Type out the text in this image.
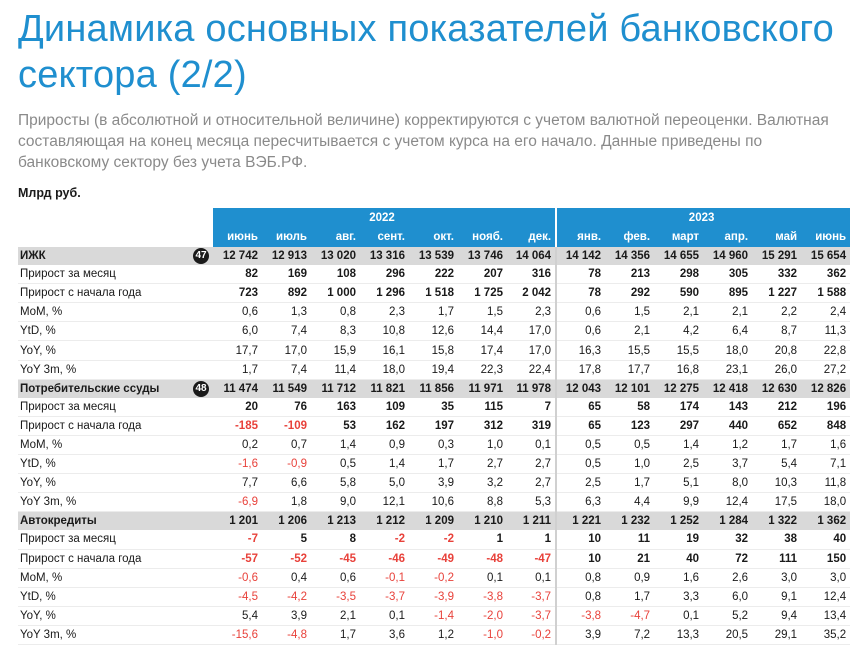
Динамика основных показателей банковского сектора (2/2)
Приросты (в абсолютной и относительной величине) корректируются с учетом валютной переоценки. Валютная составляющая на конец месяца пересчитывается с учетом курса на его начало. Данные приведены по банковскому сектору без учета ВЭБ.РФ.
Млрд руб.
	2022							2023					
	июнь	июль	авг.	сент.	окт.	нояб.	дек.	янв.	фев.	март	апр.	май	июнь
ИЖК 47	12 742	12 913	13 020	13 316	13 539	13 746	14 064	14 142	14 356	14 655	14 960	15 291	15 654
Прирост за месяц	82	169	108	296	222	207	316	78	213	298	305	332	362
Прирост с начала года	723	892	1 000	1 296	1 518	1 725	2 042	78	292	590	895	1 227	1 588
MoM, %	0,6	1,3	0,8	2,3	1,7	1,5	2,3	0,6	1,5	2,1	2,1	2,2	2,4
YtD, %	6,0	7,4	8,3	10,8	12,6	14,4	17,0	0,6	2,1	4,2	6,4	8,7	11,3
YoY, %	17,7	17,0	15,9	16,1	15,8	17,4	17,0	16,3	15,5	15,5	18,0	20,8	22,8
YoY 3m, %	1,7	7,4	11,4	18,0	19,4	22,3	22,4	17,8	17,7	16,8	23,1	26,0	27,2
Потребительские ссуды 48	11 474	11 549	11 712	11 821	11 856	11 971	11 978	12 043	12 101	12 275	12 418	12 630	12 826
Прирост за месяц	20	76	163	109	35	115	7	65	58	174	143	212	196
Прирост с начала года	-185	-109	53	162	197	312	319	65	123	297	440	652	848
MoM, %	0,2	0,7	1,4	0,9	0,3	1,0	0,1	0,5	0,5	1,4	1,2	1,7	1,6
YtD, %	-1,6	-0,9	0,5	1,4	1,7	2,7	2,7	0,5	1,0	2,5	3,7	5,4	7,1
YoY, %	7,7	6,6	5,8	5,0	3,9	3,2	2,7	2,5	1,7	5,1	8,0	10,3	11,8
YoY 3m, %	-6,9	1,8	9,0	12,1	10,6	8,8	5,3	6,3	4,4	9,9	12,4	17,5	18,0
Автокредиты	1 201	1 206	1 213	1 212	1 209	1 210	1 211	1 221	1 232	1 252	1 284	1 322	1 362
Прирост за месяц	-7	5	8	-2	-2	1	1	10	11	19	32	38	40
Прирост с начала года	-57	-52	-45	-46	-49	-48	-47	10	21	40	72	111	150
MoM, %	-0,6	0,4	0,6	-0,1	-0,2	0,1	0,1	0,8	0,9	1,6	2,6	3,0	3,0
YtD, %	-4,5	-4,2	-3,5	-3,7	-3,9	-3,8	-3,7	0,8	1,7	3,3	6,0	9,1	12,4
YoY, %	5,4	3,9	2,1	0,1	-1,4	-2,0	-3,7	-3,8	-4,7	0,1	5,2	9,4	13,4
YoY 3m, %	-15,6	-4,8	1,7	3,6	1,2	-1,0	-0,2	3,9	7,2	13,3	20,5	29,1	35,2
